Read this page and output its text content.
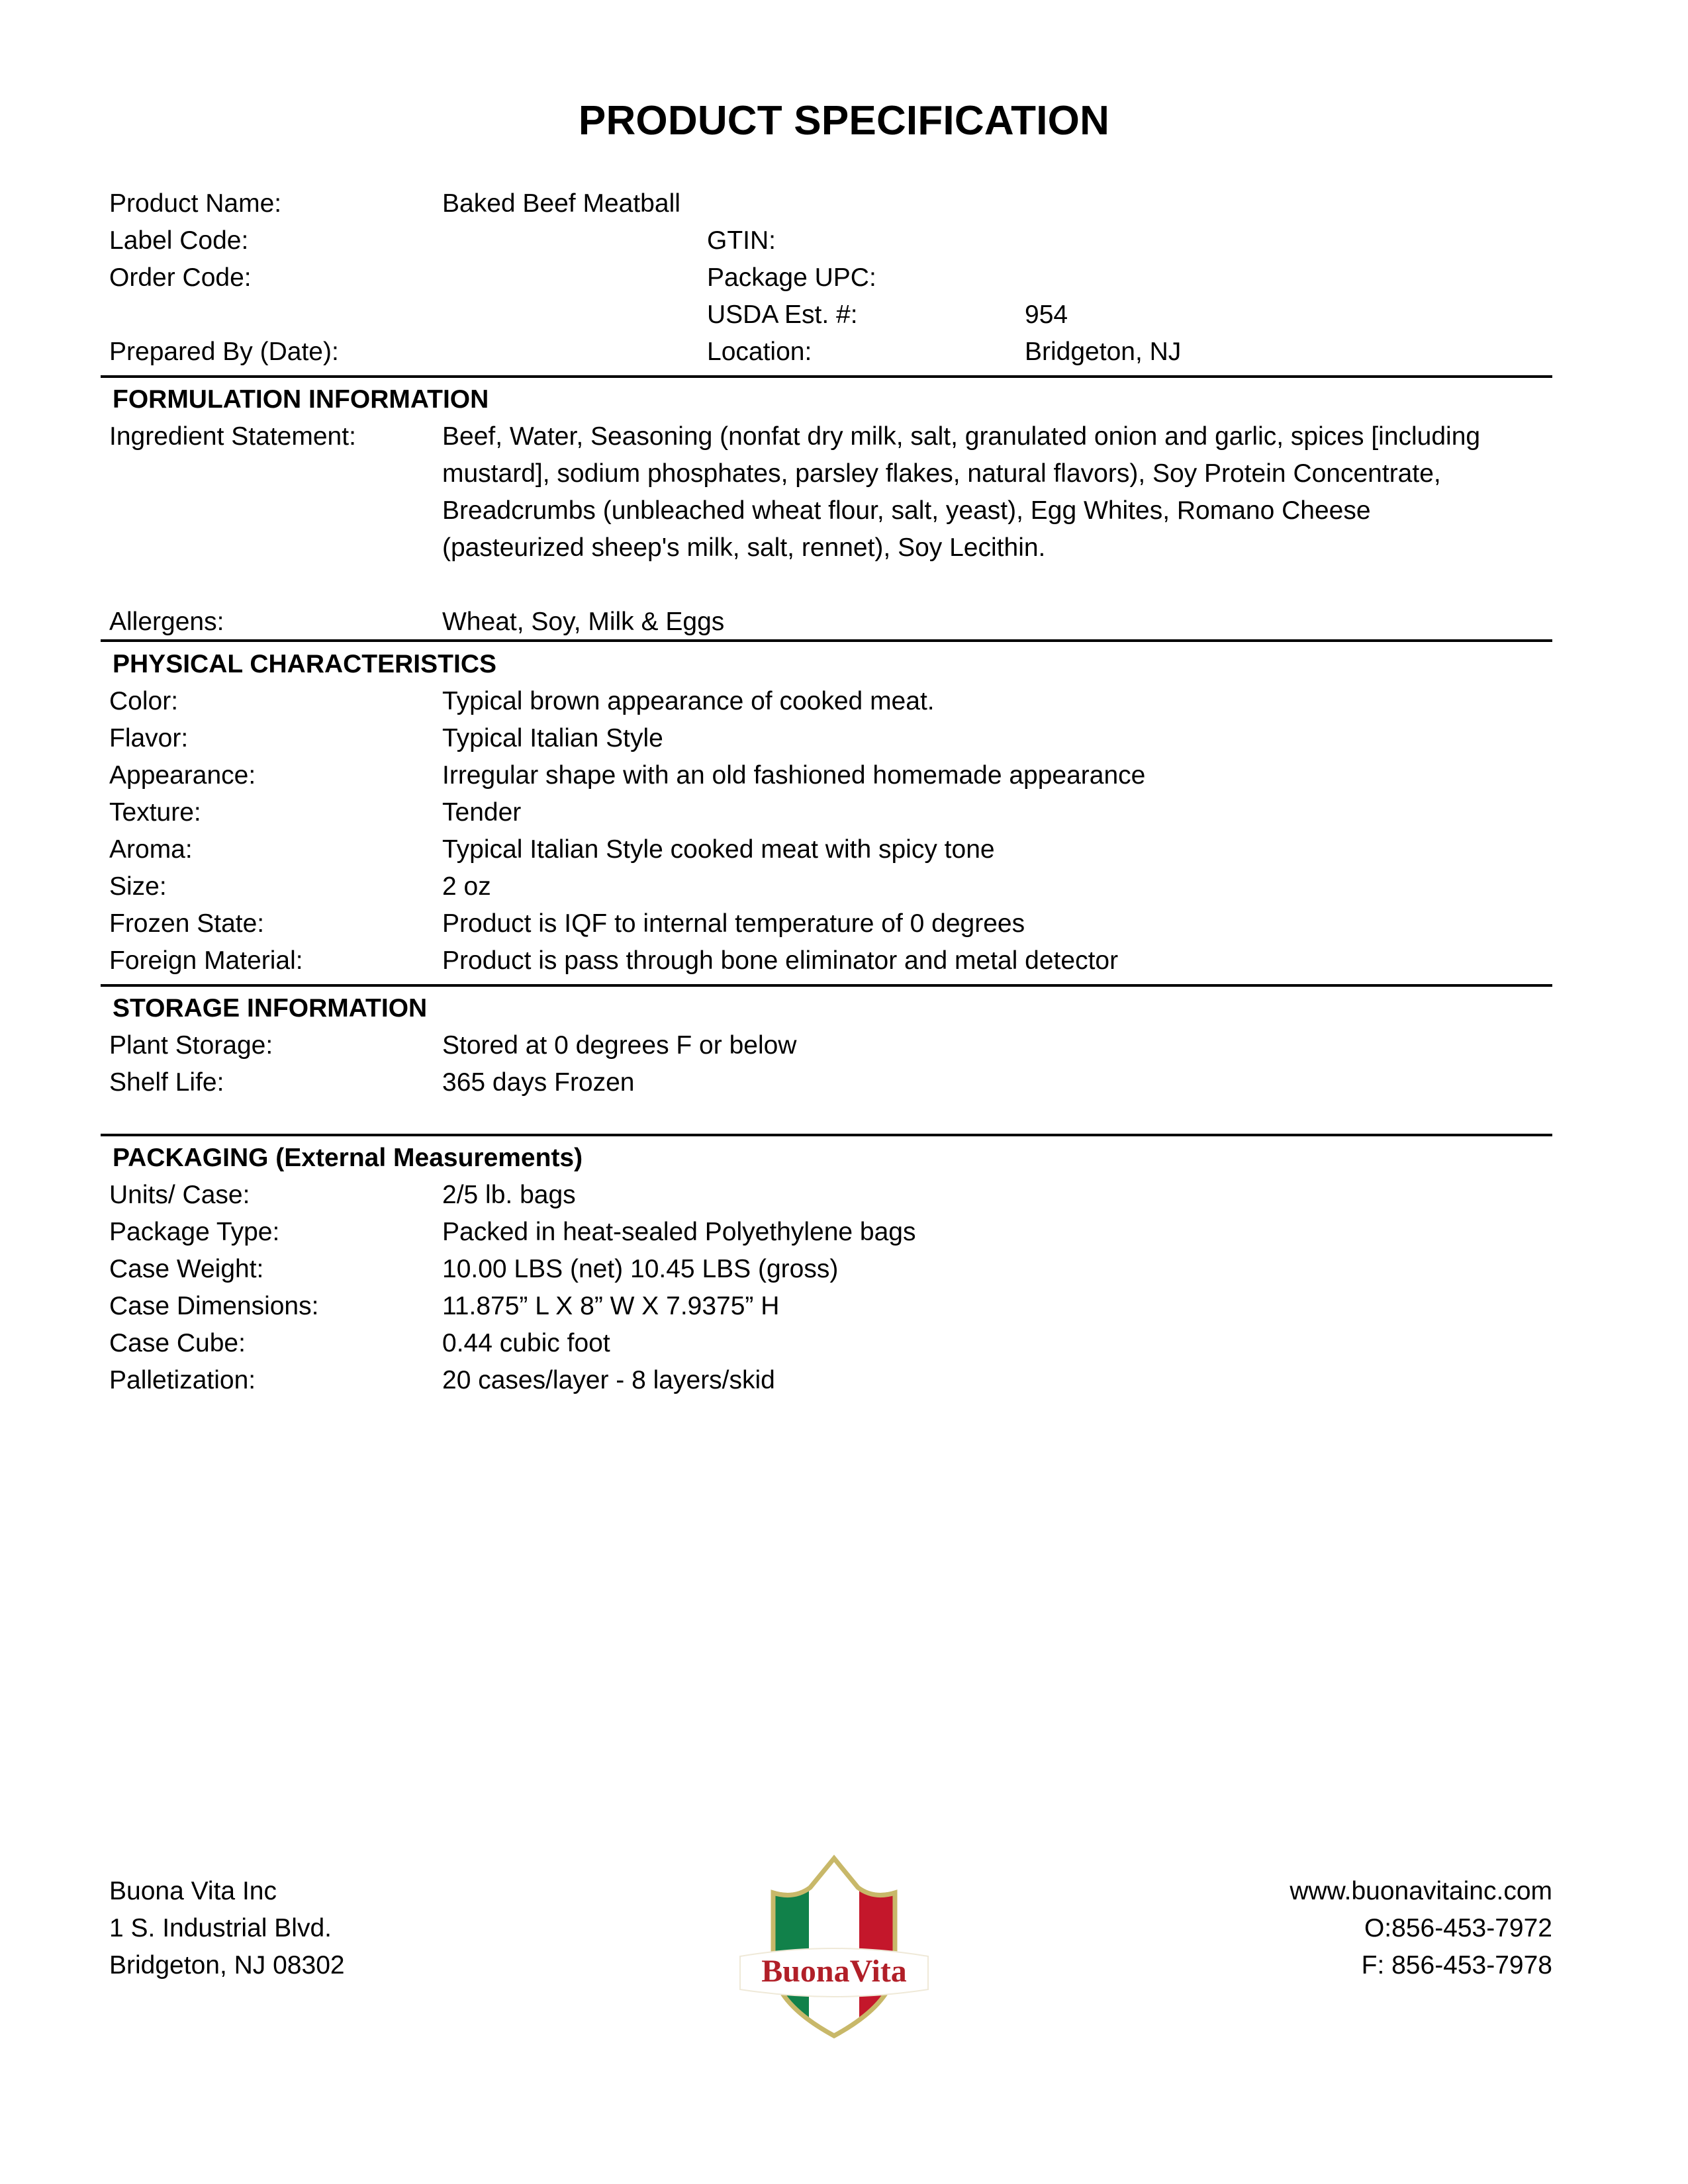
PRODUCT SPECIFICATION
Product Name:	Baked Beef Meatball
Label Code:	GTIN:
Order Code:	Package UPC:
USDA Est. #:	954
Prepared By (Date):	Location:	Bridgeton, NJ
FORMULATION INFORMATION
Ingredient Statement:	Beef, Water, Seasoning (nonfat dry milk, salt, granulated onion and garlic, spices [including mustard], sodium phosphates, parsley flakes, natural flavors), Soy Protein Concentrate, Breadcrumbs (unbleached wheat flour, salt, yeast), Egg Whites, Romano Cheese (pasteurized sheep's milk, salt, rennet), Soy Lecithin.
Allergens:	Wheat, Soy, Milk & Eggs
PHYSICAL CHARACTERISTICS
Color:	Typical brown appearance of cooked meat.
Flavor:	Typical Italian Style
Appearance:	Irregular shape with an old fashioned homemade appearance
Texture:	Tender
Aroma:	Typical Italian Style cooked meat with spicy tone
Size:	2 oz
Frozen State:	Product is IQF to internal temperature of 0 degrees
Foreign Material:	Product is pass through bone eliminator and metal detector
STORAGE INFORMATION
Plant Storage:	Stored at 0 degrees F or below
Shelf Life:	365 days Frozen
PACKAGING (External Measurements)
Units/ Case:	2/5 lb. bags
Package Type:	Packed in heat-sealed Polyethylene bags
Case Weight:	10.00 LBS (net) 10.45 LBS (gross)
Case Dimensions:	11.875” L X 8” W X 7.9375” H
Case Cube:	0.44 cubic foot
Palletization:	20 cases/layer - 8 layers/skid
Buona Vita Inc
1 S. Industrial Blvd.
Bridgeton, NJ 08302
www.buonavitainc.com
O:856-453-7972
F: 856-453-7978
BuonaVita
